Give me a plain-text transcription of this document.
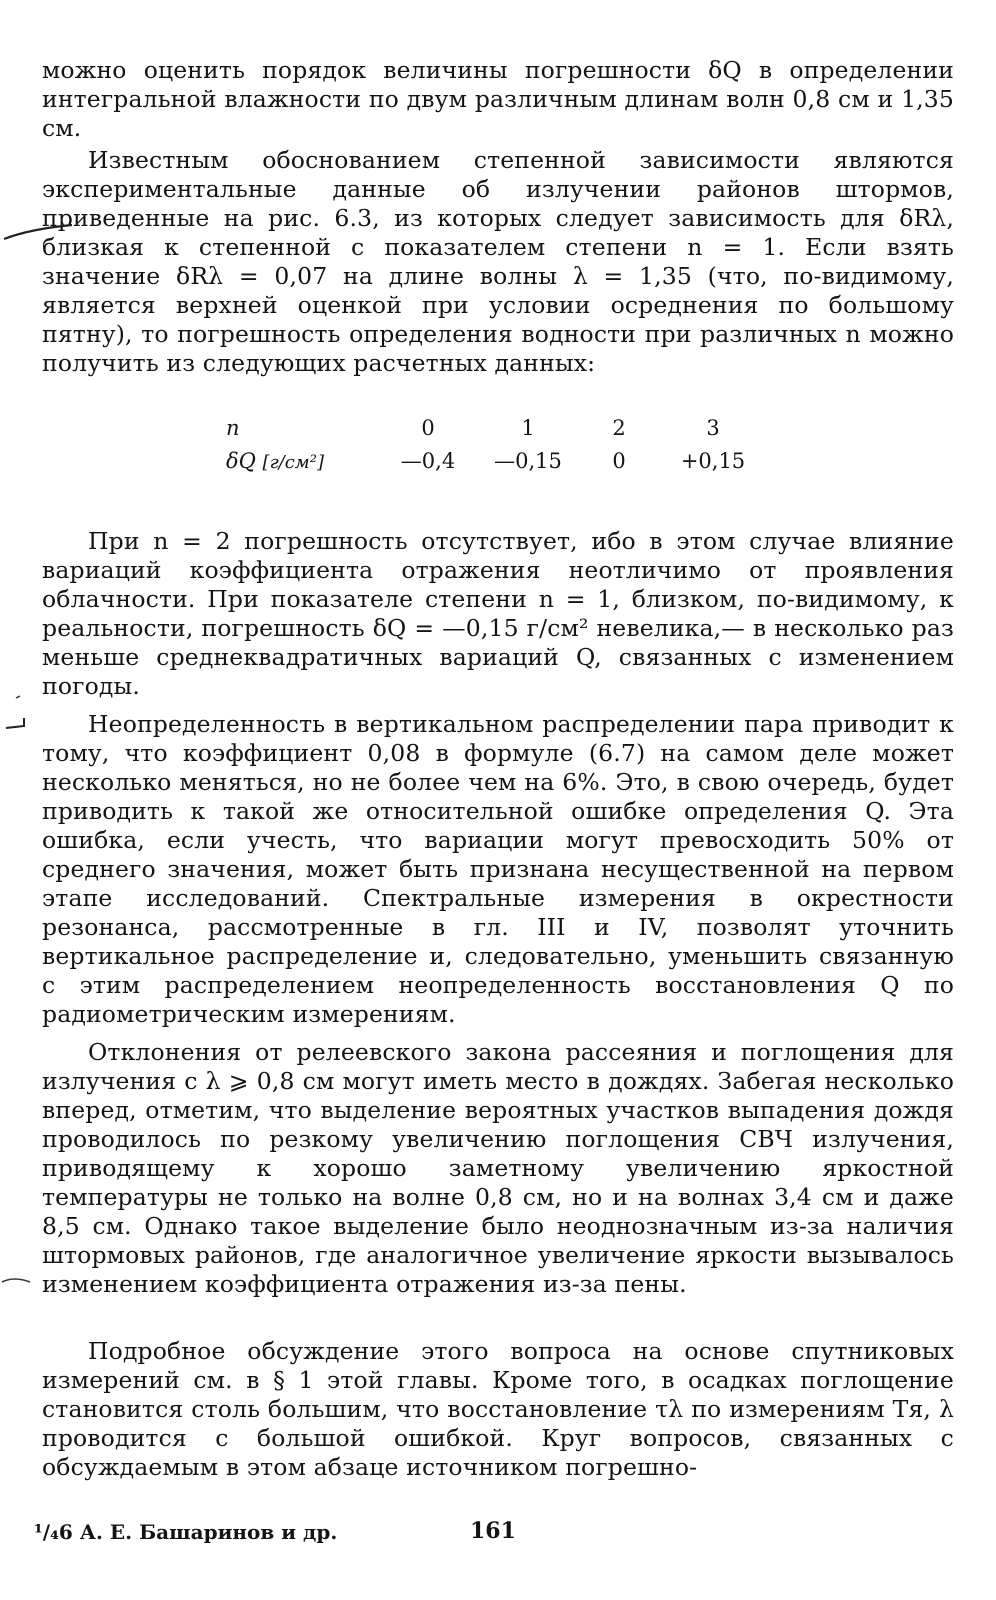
можно оценить порядок величины погрешности δQ в определении интегральной влажности по двум различным длинам волн 0,8 см и 1,35 см.

Известным обоснованием степенной зависимости являются экспериментальные данные об излучении районов штормов, приведенные на рис. 6.3, из которых следует зависимость для δRλ, близкая к степенной с показателем степени n = 1. Если взять значение δRλ = 0,07 на длине волны λ = 1,35 (что, по-видимому, является верхней оценкой при условии осреднения по большому пятну), то погрешность определения водности при различных n можно получить из следующих расчетных данных:

n	0	1	2	3
δQ [г/см²]	—0,4	—0,15	0	+0,15

При n = 2 погрешность отсутствует, ибо в этом случае влияние вариаций коэффициента отражения неотличимо от проявления облачности. При показателе степени n = 1, близком, по-видимому, к реальности, погрешность δQ = —0,15 г/см² невелика,— в несколько раз меньше среднеквадратичных вариаций Q, связанных с изменением погоды.

Неопределенность в вертикальном распределении пара приводит к тому, что коэффициент 0,08 в формуле (6.7) на самом деле может несколько меняться, но не более чем на 6%. Это, в свою очередь, будет приводить к такой же относительной ошибке определения Q. Эта ошибка, если учесть, что вариации могут превосходить 50% от среднего значения, может быть признана несущественной на первом этапе исследований. Спектральные измерения в окрестности резонанса, рассмотренные в гл. III и IV, позволят уточнить вертикальное распределение и, следовательно, уменьшить связанную с этим распределением неопределенность восстановления Q по радиометрическим измерениям.

Отклонения от релеевского закона рассеяния и поглощения для излучения с λ ⩾ 0,8 см могут иметь место в дождях. Забегая несколько вперед, отметим, что выделение вероятных участков выпадения дождя проводилось по резкому увеличению поглощения СВЧ излучения, приводящему к хорошо заметному увеличению яркостной температуры не только на волне 0,8 см, но и на волнах 3,4 см и даже 8,5 см. Однако такое выделение было неоднозначным из-за наличия штормовых районов, где аналогичное увеличение яркости вызывалось изменением коэффициента отражения из-за пены.

Подробное обсуждение этого вопроса на основе спутниковых измерений см. в § 1 этой главы. Кроме того, в осадках поглощение становится столь большим, что восстановление τλ по измерениям Tя, λ проводится с большой ошибкой. Круг вопросов, связанных с обсуждаемым в этом абзаце источником погрешно-

¹/₄6 А. Е. Башаринов и др.	161
